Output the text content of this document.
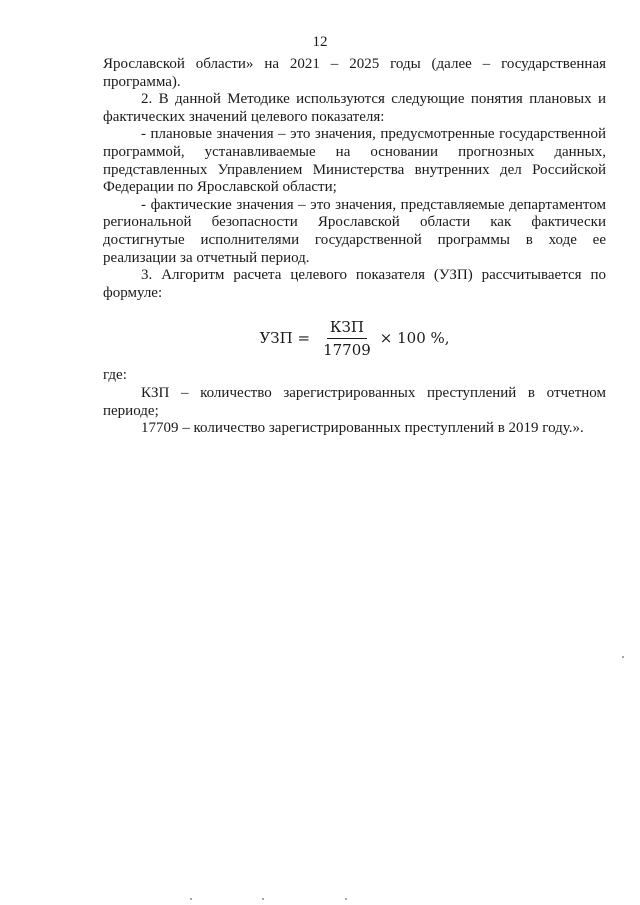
12

Ярославской области» на 2021 – 2025 годы (далее – государственная программа).

2. В данной Методике используются следующие понятия плановых и фактических значений целевого показателя:

- плановые значения – это значения, предусмотренные государственной программой, устанавливаемые на основании прогнозных данных, представленных Управлением Министерства внутренних дел Российской Федерации по Ярославской области;

- фактические значения – это значения, представляемые департаментом региональной безопасности Ярославской области как фактически достигнутые исполнителями государственной программы в ходе ее реализации за отчетный период.

3. Алгоритм расчета целевого показателя (УЗП) рассчитывается по формуле:

УЗП = $\frac{\text{КЗП}}{17709} \times 100$ %,

где:

КЗП – количество зарегистрированных преступлений в отчетном периоде;

17709 – количество зарегистрированных преступлений в 2019 году.».
